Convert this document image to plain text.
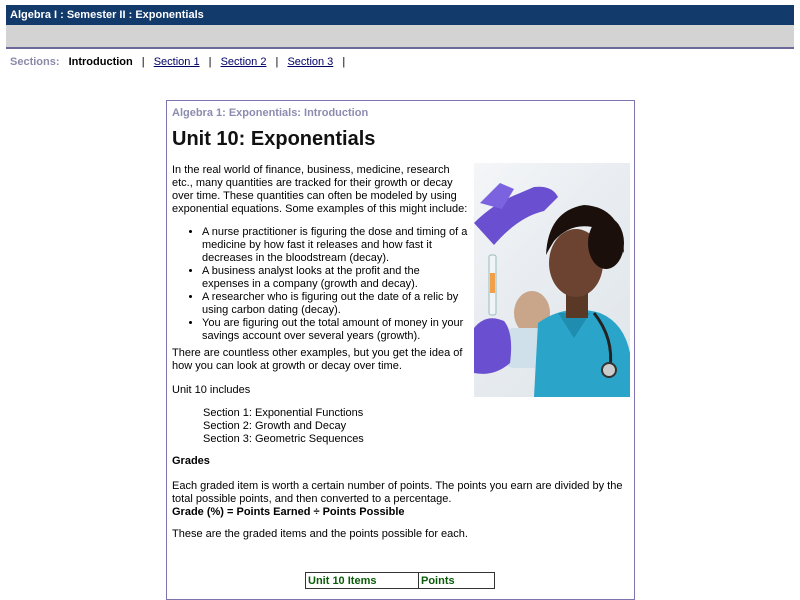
Algebra I : Semester II : Exponentials
Sections: Introduction | Section 1 | Section 2 | Section 3 |
Algebra 1: Exponentials: Introduction
Unit 10: Exponentials

In the real world of finance, business, medicine, research etc., many quantities are tracked for their growth or decay over time. These quantities can often be modeled by using exponential equations. Some examples of this might include:

• A nurse practitioner is figuring the dose and timing of a medicine by how fast it releases and how fast it decreases in the bloodstream (decay).
• A business analyst looks at the profit and the expenses in a company (growth and decay).
• A researcher who is figuring out the date of a relic by using carbon dating (decay).
• You are figuring out the total amount of money in your savings account over several years (growth).
There are countless other examples, but you get the idea of how you can look at growth or decay over time.
Unit 10 includes
Section 1: Exponential Functions
Section 2: Growth and Decay
Section 3: Geometric Sequences
Grades
Each graded item is worth a certain number of points. The points you earn are divided by the total possible points, and then converted to a percentage.
Grade (%) = Points Earned ÷ Points Possible
These are the graded items and the points possible for each.
Unit 10 Items	Points
